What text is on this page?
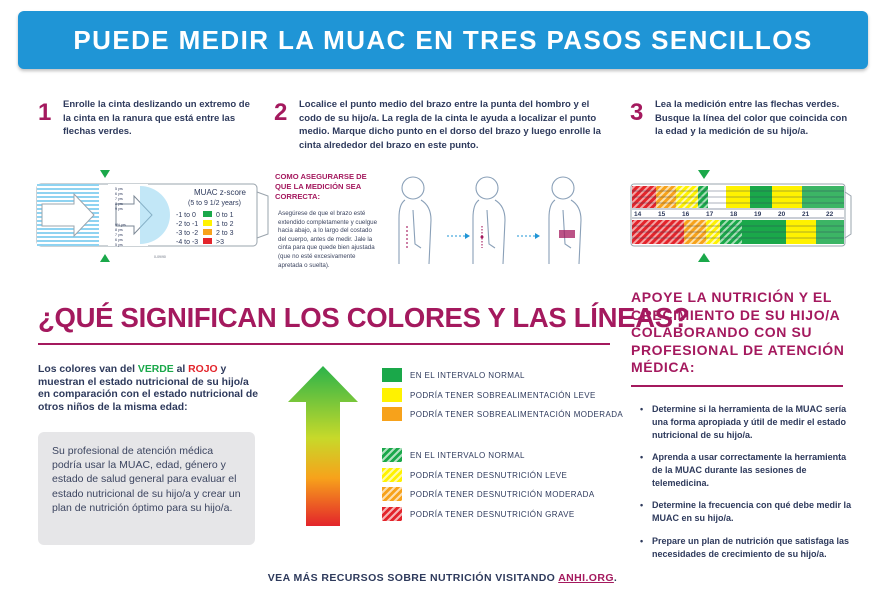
PUEDE MEDIR LA MUAC EN TRES PASOS SENCILLOS
1 Enrolle la cinta deslizando un extremo de la cinta en la ranura que está entre las flechas verdes.
2 Localice el punto medio del brazo entre la punta del hombro y el codo de su hijo/a. La regla de la cinta le ayuda a localizar el punto medio. Marque dicho punto en el dorso del brazo y luego enrolle la cinta alrededor del brazo en este punto.
3 Lea la medición entre las flechas verdes. Busque la línea del color que coincida con la edad y la medición de su hijo/a.
5 yrs
6 yrs
7 yrs
8 yrs
9 yrs
9½ yrs
8 yrs
7 yrs
6 yrs
5 yrs
MUAC z-score
(5 to 9 1/2 years)
-1 to 0	0 to 1
-2 to -1	1 to 2
-3 to -2	2 to 3
-4 to -3	>3
0-09/90
COMO ASEGURARSE DE QUE LA MEDICIÓN SEA CORRECTA:
Asegúrese de que el brazo esté extendido completamente y cuelgue hacia abajo, a lo largo del costado del cuerpo, antes de medir. Jale la cinta para que quede bien ajustada (que no esté excesivamente apretada o suelta).
14	15	16	17	18	19	20	21	22
¿QUÉ SIGNIFICAN LOS COLORES Y LAS LÍNEAS?
Los colores van del VERDE al ROJO y muestran el estado nutricional de su hijo/a en comparación con el estado nutricional de otros niños de la misma edad:
Su profesional de atención médica podría usar la MUAC, edad, género y estado de salud general para evaluar el estado nutricional de su hijo/a y crear un plan de nutrición óptimo para su hijo/a.
EN EL INTERVALO NORMAL
PODRÍA TENER SOBREALIMENTACIÓN LEVE
PODRÍA TENER SOBREALIMENTACIÓN MODERADA
EN EL INTERVALO NORMAL
PODRÍA TENER DESNUTRICIÓN LEVE
PODRÍA TENER DESNUTRICIÓN MODERADA
PODRÍA TENER DESNUTRICIÓN GRAVE
APOYE LA NUTRICIÓN Y EL CRECIMIENTO DE SU HIJO/A COLABORANDO CON SU PROFESIONAL DE ATENCIÓN MÉDICA:
• Determine si la herramienta de la MUAC sería una forma apropiada y útil de medir el estado nutricional de su hijo/a.
• Aprenda a usar correctamente la herramienta de la MUAC durante las sesiones de telemedicina.
• Determine la frecuencia con qué debe medir la MUAC en su hijo/a.
• Prepare un plan de nutrición que satisfaga las necesidades de crecimiento de su hijo/a.
VEA MÁS RECURSOS SOBRE NUTRICIÓN VISITANDO ANHI.ORG.
